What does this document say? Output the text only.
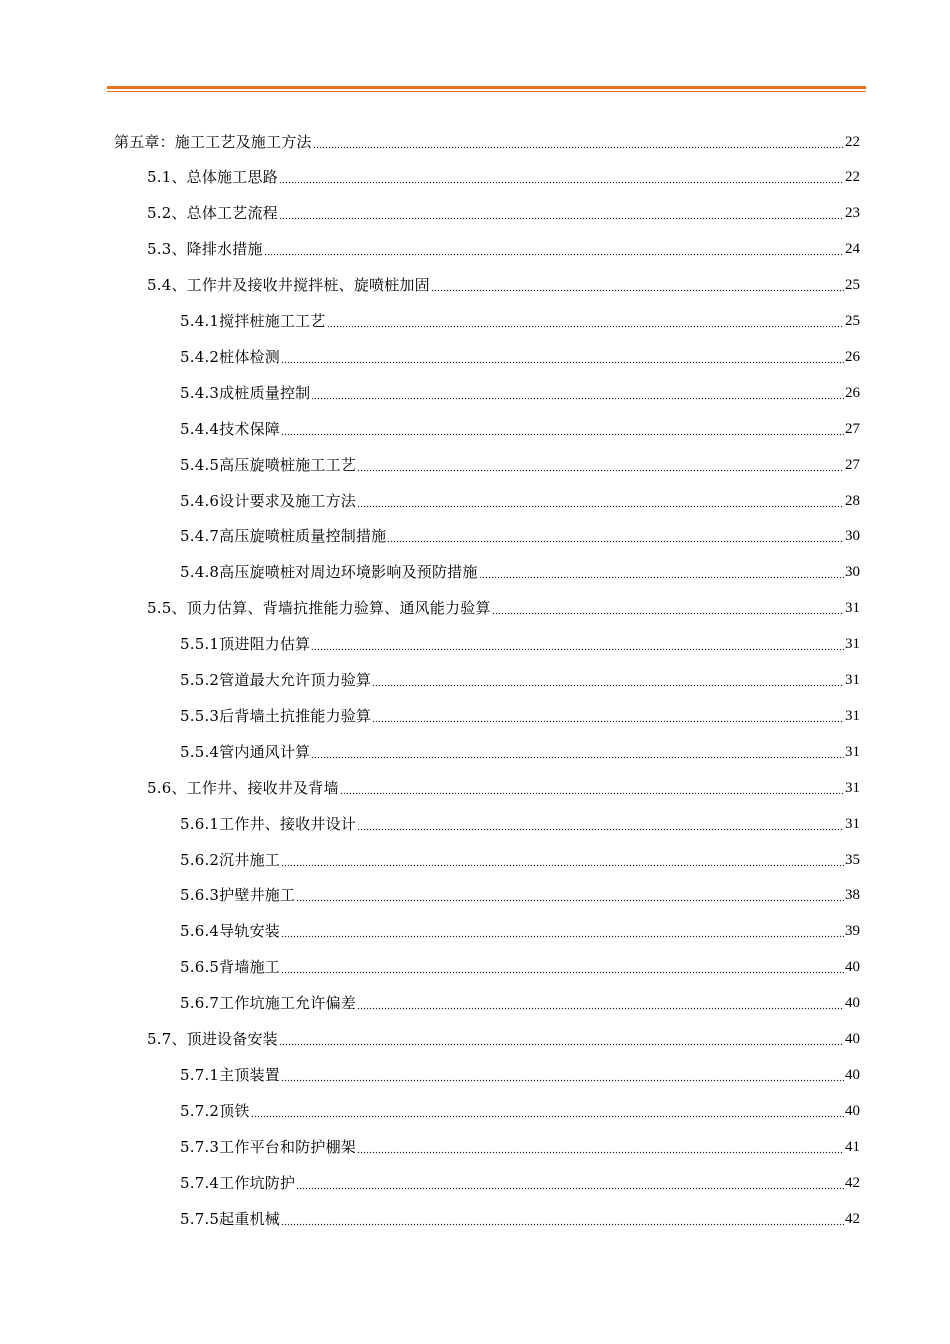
第五章：施工工艺及施工方法	22
5.1、总体施工思路	22
5.2、总体工艺流程	23
5.3、降排水措施	24
5.4、工作井及接收井搅拌桩、旋喷桩加固	25
5.4.1搅拌桩施工工艺	25
5.4.2桩体检测	26
5.4.3成桩质量控制	26
5.4.4技术保障	27
5.4.5高压旋喷桩施工工艺	27
5.4.6设计要求及施工方法	28
5.4.7高压旋喷桩质量控制措施	30
5.4.8高压旋喷桩对周边环境影响及预防措施	30
5.5、顶力估算、背墙抗推能力验算、通风能力验算	31
5.5.1顶进阻力估算	31
5.5.2管道最大允许顶力验算	31
5.5.3后背墙土抗推能力验算	31
5.5.4管内通风计算	31
5.6、工作井、接收井及背墙	31
5.6.1工作井、接收井设计	31
5.6.2沉井施工	35
5.6.3护壁井施工	38
5.6.4导轨安装	39
5.6.5背墙施工	40
5.6.7工作坑施工允许偏差	40
5.7、顶进设备安装	40
5.7.1主顶装置	40
5.7.2顶铁	40
5.7.3工作平台和防护棚架	41
5.7.4工作坑防护	42
5.7.5起重机械	42
